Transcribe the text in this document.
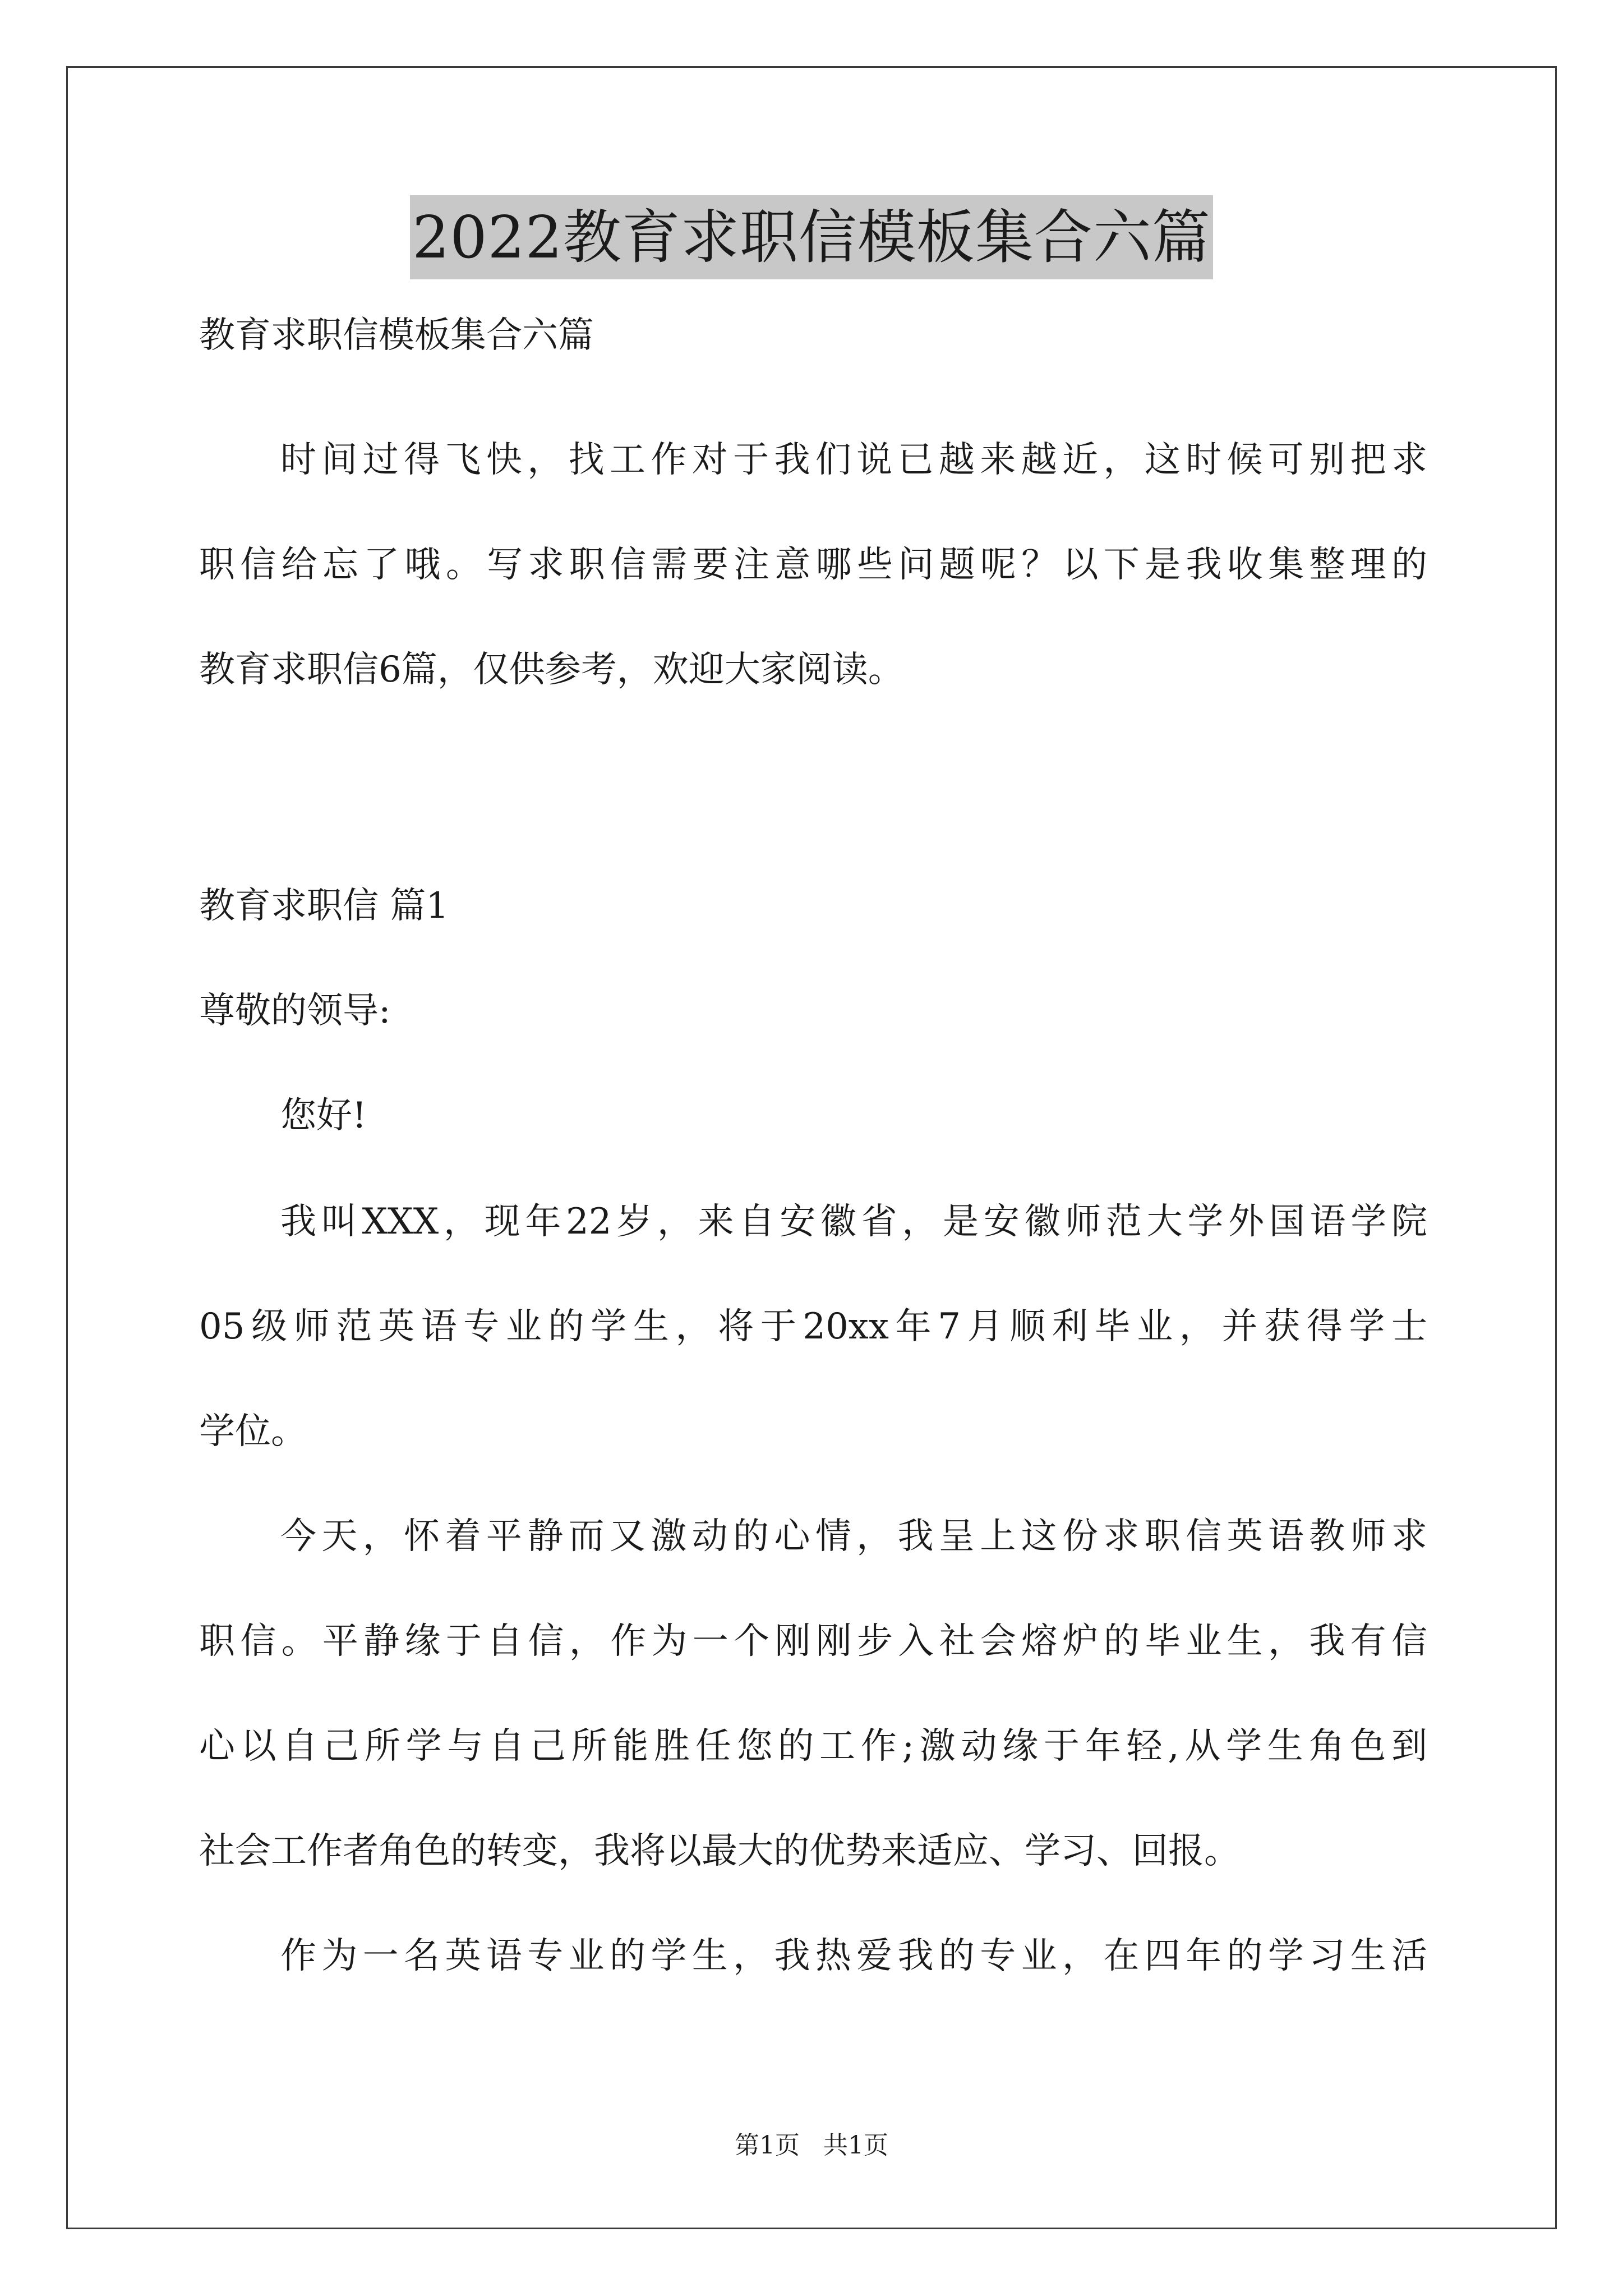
2022教育求职信模板集合六篇
教育求职信模板集合六篇
时间过得飞快，找工作对于我们说已越来越近，这时候可别把求
职信给忘了哦。写求职信需要注意哪些问题呢？以下是我收集整理的
教育求职信6篇，仅供参考，欢迎大家阅读。
教育求职信 篇1
尊敬的领导:
您好!
我叫XXX，现年22岁，来自安徽省，是安徽师范大学外国语学院
05级师范英语专业的学生，将于20xx年7月顺利毕业，并获得学士
学位。
今天，怀着平静而又激动的心情，我呈上这份求职信英语教师求
职信。平静缘于自信，作为一个刚刚步入社会熔炉的毕业生，我有信
心以自己所学与自己所能胜任您的工作;激动缘于年轻,从学生角色到
社会工作者角色的转变，我将以最大的优势来适应、学习、回报。
作为一名英语专业的学生，我热爱我的专业，在四年的学习生活
第1页 共1页
